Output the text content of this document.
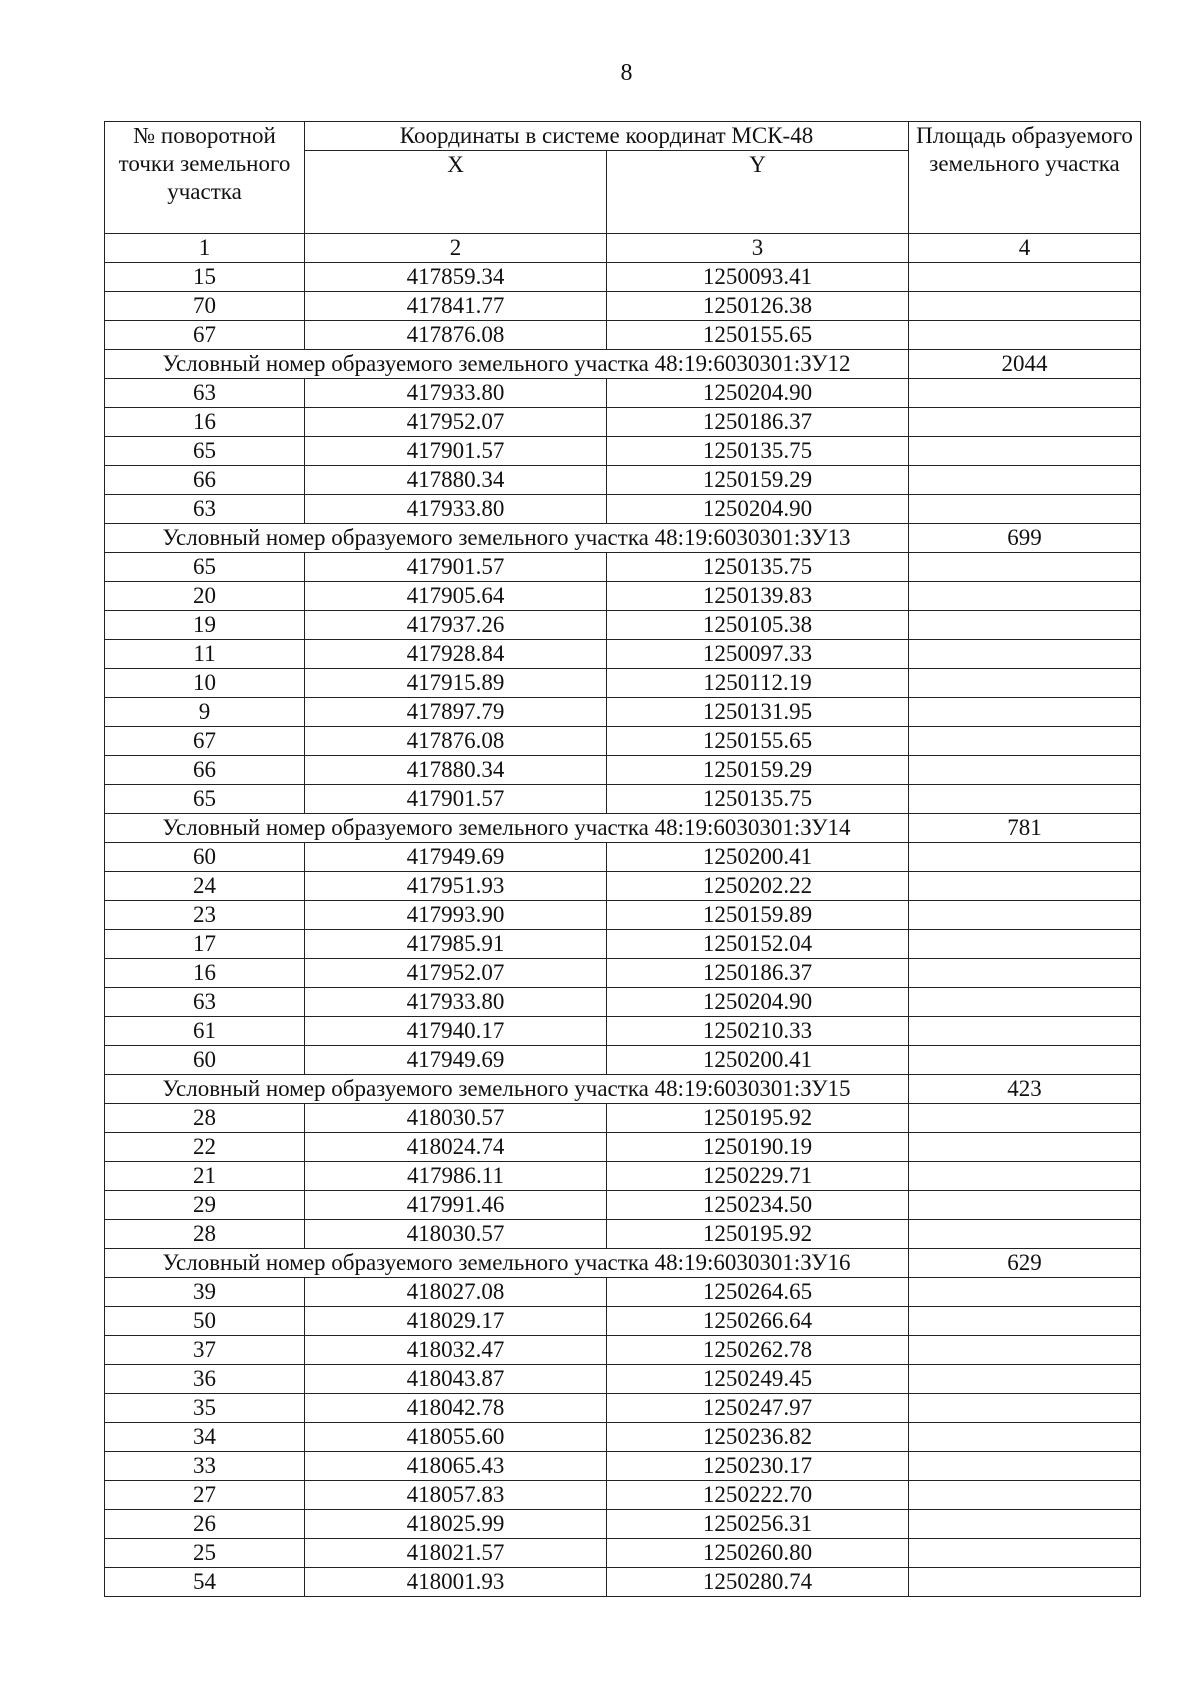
8
№ поворотной точки земельного участка	Координаты в системе координат МСК-48		Площадь образуемого земельного участка
	X	Y	
1	2	3	4
15	417859.34	1250093.41	
70	417841.77	1250126.38	
67	417876.08	1250155.65	
Условный номер образуемого земельного участка 48:19:6030301:ЗУ12			2044
63	417933.80	1250204.90	
16	417952.07	1250186.37	
65	417901.57	1250135.75	
66	417880.34	1250159.29	
63	417933.80	1250204.90	
Условный номер образуемого земельного участка 48:19:6030301:ЗУ13			699
65	417901.57	1250135.75	
20	417905.64	1250139.83	
19	417937.26	1250105.38	
11	417928.84	1250097.33	
10	417915.89	1250112.19	
9	417897.79	1250131.95	
67	417876.08	1250155.65	
66	417880.34	1250159.29	
65	417901.57	1250135.75	
Условный номер образуемого земельного участка 48:19:6030301:ЗУ14			781
60	417949.69	1250200.41	
24	417951.93	1250202.22	
23	417993.90	1250159.89	
17	417985.91	1250152.04	
16	417952.07	1250186.37	
63	417933.80	1250204.90	
61	417940.17	1250210.33	
60	417949.69	1250200.41	
Условный номер образуемого земельного участка 48:19:6030301:ЗУ15			423
28	418030.57	1250195.92	
22	418024.74	1250190.19	
21	417986.11	1250229.71	
29	417991.46	1250234.50	
28	418030.57	1250195.92	
Условный номер образуемого земельного участка 48:19:6030301:ЗУ16			629
39	418027.08	1250264.65	
50	418029.17	1250266.64	
37	418032.47	1250262.78	
36	418043.87	1250249.45	
35	418042.78	1250247.97	
34	418055.60	1250236.82	
33	418065.43	1250230.17	
27	418057.83	1250222.70	
26	418025.99	1250256.31	
25	418021.57	1250260.80	
54	418001.93	1250280.74	
